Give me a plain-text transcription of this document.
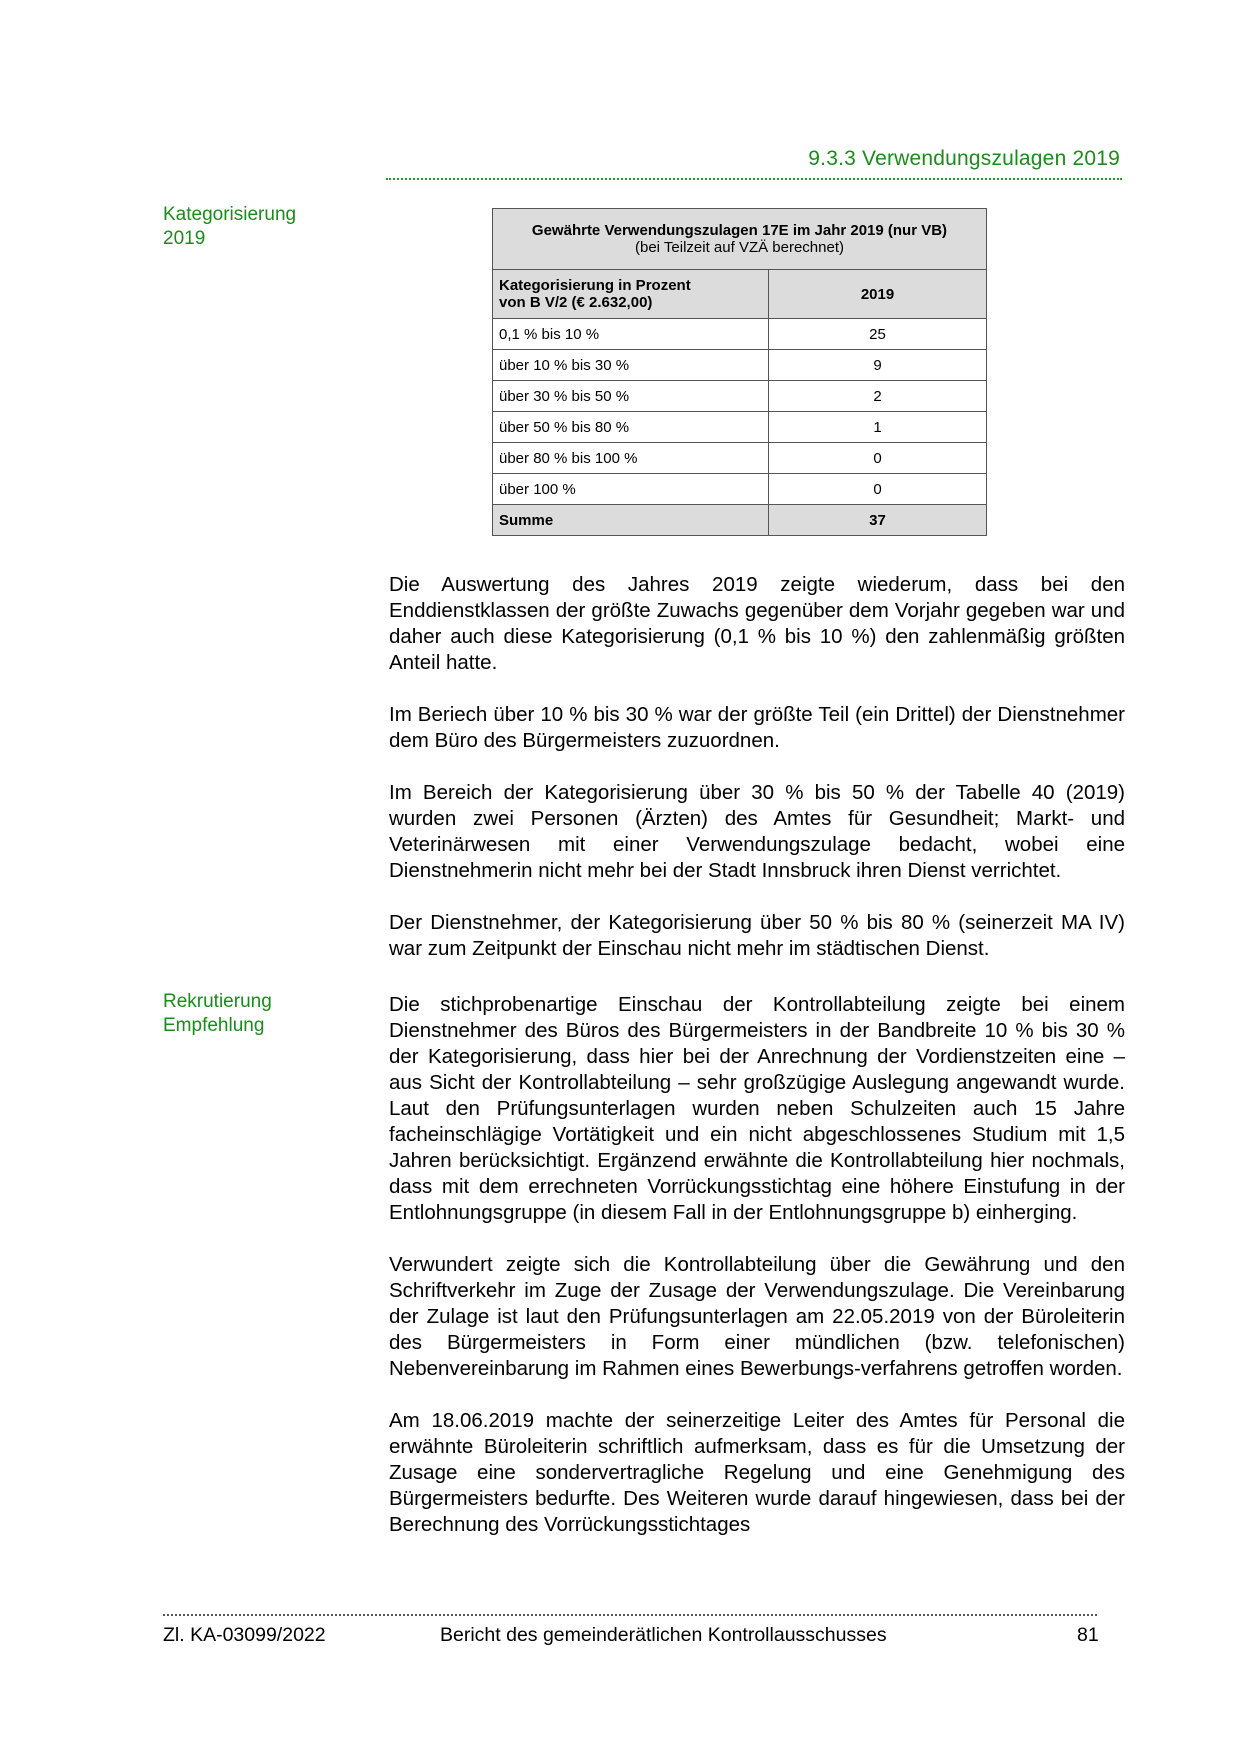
9.3.3 Verwendungszulagen 2019
Kategorisierung
2019	Gewährte Verwendungszulagen 17E im Jahr 2019 (nur VB)
(bei Teilzeit auf VZÄ berechnet)	

Kategorisierung in Prozent
von B V/2 (€ 2.632,00)	2019
0,1 % bis 10 %	25
über 10 % bis 30 %	9
über 30 % bis 50 %	2
über 50 % bis 80 %	1
über 80 % bis 100 %	0
über 100 %	0
Summe	37

Die Auswertung des Jahres 2019 zeigte wiederum, dass bei den Enddienstklassen der größte Zuwachs gegenüber dem Vorjahr gegeben war und daher auch diese Kategorisierung (0,1 % bis 10 %) den zahlenmäßig größten Anteil hatte.

Im Beriech über 10 % bis 30 % war der größte Teil (ein Drittel) der Dienstnehmer dem Büro des Bürgermeisters zuzuordnen.

Im Bereich der Kategorisierung über 30 % bis 50 % der Tabelle 40 (2019) wurden zwei Personen (Ärzten) des Amtes für Gesundheit; Markt- und Veterinärwesen mit einer Verwendungszulage bedacht, wobei eine Dienstnehmerin nicht mehr bei der Stadt Innsbruck ihren Dienst verrichtet.

Der Dienstnehmer, der Kategorisierung über 50 % bis 80 % (seinerzeit MA IV) war zum Zeitpunkt der Einschau nicht mehr im städtischen Dienst.

Rekrutierung
Empfehlung

Die stichprobenartige Einschau der Kontrollabteilung zeigte bei einem Dienstnehmer des Büros des Bürgermeisters in der Bandbreite 10 % bis 30 % der Kategorisierung, dass hier bei der Anrechnung der Vordienstzeiten eine – aus Sicht der Kontrollabteilung – sehr großzügige Auslegung angewandt wurde. Laut den Prüfungsunterlagen wurden neben Schulzeiten auch 15 Jahre facheinschlägige Vortätigkeit und ein nicht abgeschlossenes Studium mit 1,5 Jahren berücksichtigt. Ergänzend erwähnte die Kontrollabteilung hier nochmals, dass mit dem errechneten Vorrückungsstichtag eine höhere Einstufung in der Entlohnungsgruppe (in diesem Fall in der Entlohnungsgruppe b) einherging.

Verwundert zeigte sich die Kontrollabteilung über die Gewährung und den Schriftverkehr im Zuge der Zusage der Verwendungszulage. Die Vereinbarung der Zulage ist laut den Prüfungsunterlagen am 22.05.2019 von der Büroleiterin des Bürgermeisters in Form einer mündlichen (bzw. telefonischen) Nebenvereinbarung im Rahmen eines Bewerbungs-verfahrens getroffen worden.

Am 18.06.2019 machte der seinerzeitige Leiter des Amtes für Personal die erwähnte Büroleiterin schriftlich aufmerksam, dass es für die Umsetzung der Zusage eine sondervertragliche Regelung und eine Genehmigung des Bürgermeisters bedurfte. Des Weiteren wurde darauf hingewiesen, dass bei der Berechnung des Vorrückungsstichtages

Zl. KA-03099/2022	Bericht des gemeinderätlichen Kontrollausschusses	81
